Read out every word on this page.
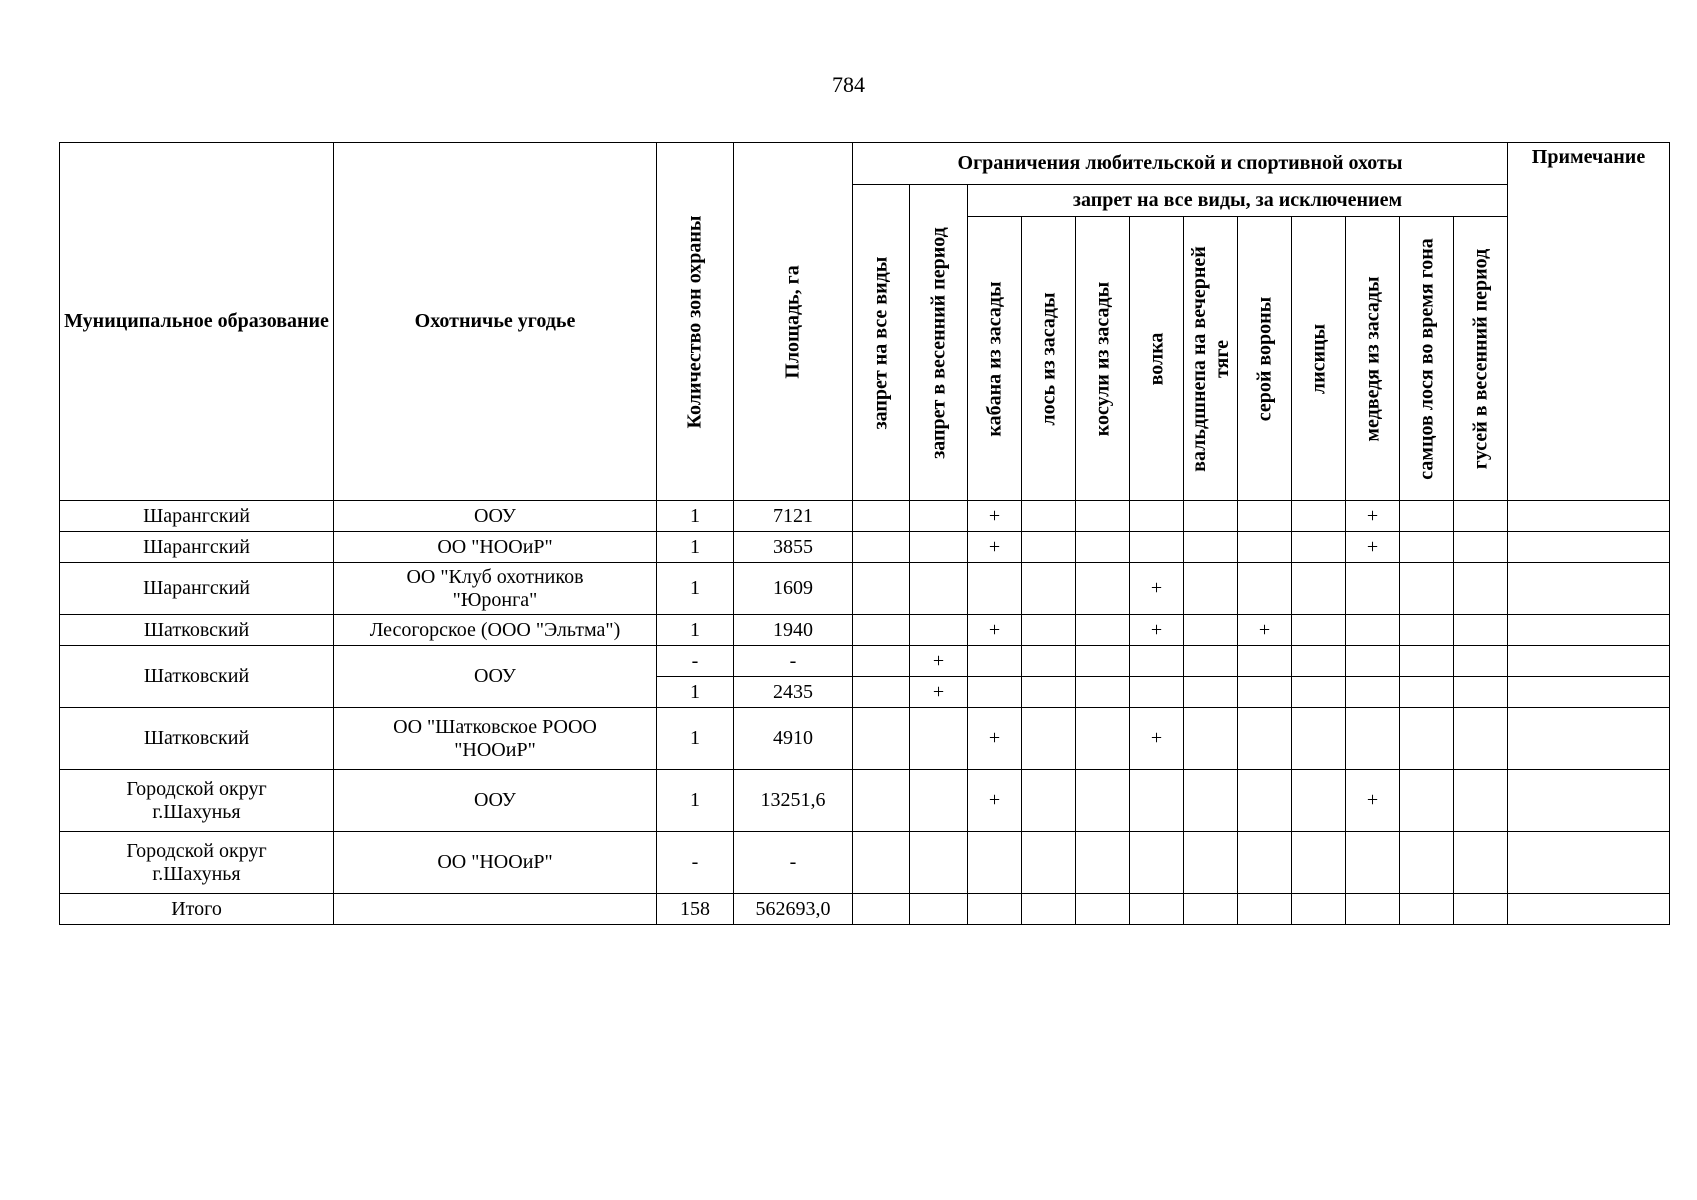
784
Муниципальное образование	Охотничье угодье	Количество зон охраны	Площадь, га	Ограничения любительской и спортивной охоты												Примечание

				запрет на все виды	запрет в весенний период	запрет на все виды, за исключением										

						кабана из засады	лось из засады	косули из засады	волка	вальдшнепа на вечерней тяге	серой вороны	лисицы	медведя из засады	самцов лося во время гона	гусей в весенний период	

Шарангский	ООУ	1	7121			+							+			
Шарангский	ОО "НООиР"	1	3855			+							+			
Шарангский	ОО "Клуб охотников "Юронга"	1	1609						+							
Шатковский	Лесогорское (ООО "Эльтма")	1	1940			+			+		+					
Шатковский	ООУ	-	-		+											
		1	2435		+											
Шатковский	ОО "Шатковское РООО "НООиР"	1	4910			+			+							
Городской округ г.Шахунья	ООУ	1	13251,6			+							+			
Городской округ г.Шахунья	ОО "НООиР"	-	-													
Итого		158	562693,0													
